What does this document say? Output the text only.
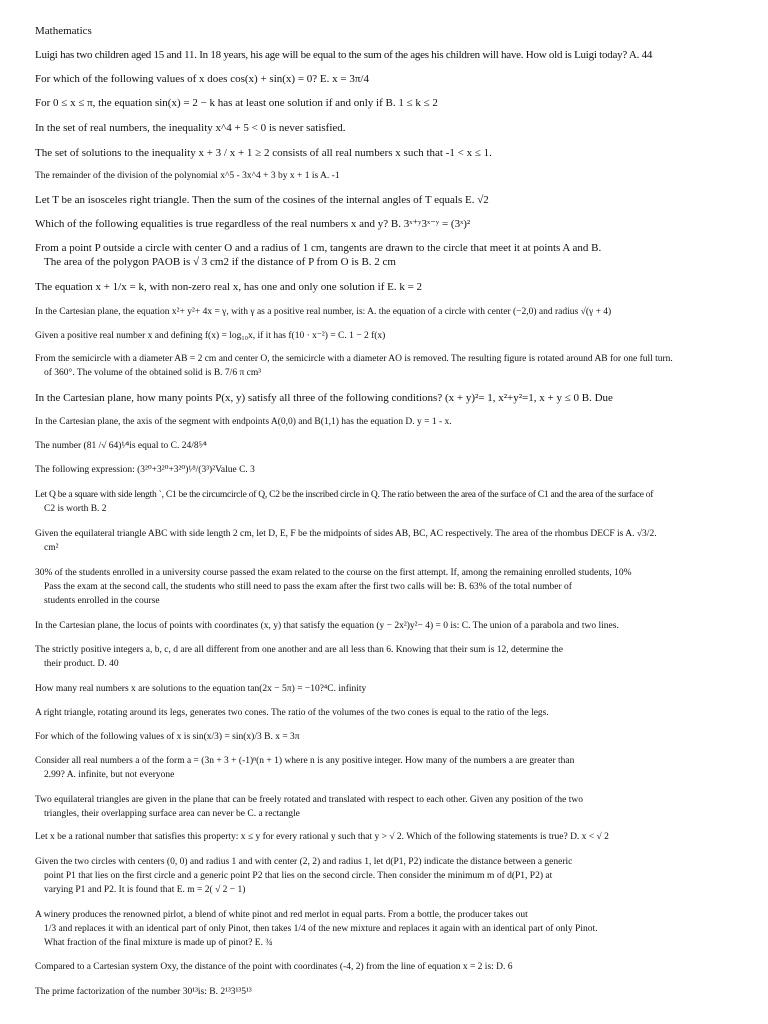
Mathematics
Luigi has two children aged 15 and 11. In 18 years, his age will be equal to the sum of the ages his children will have. How old is Luigi today? A. 44
For which of the following values of x does cos(x) + sin(x) = 0? E. x = 3π/4
For 0 ≤ x ≤ π, the equation sin(x) = 2 − k has at least one solution if and only if B. 1 ≤ k ≤ 2
In the set of real numbers, the inequality x^4 + 5 < 0 is never satisfied.
The set of solutions to the inequality x + 3 / x + 1 ≥ 2 consists of all real numbers x such that -1 < x ≤ 1.
The remainder of the division of the polynomial x^5 - 3x^4 + 3 by x + 1 is A. -1
Let T be an isosceles right triangle. Then the sum of the cosines of the internal angles of T equals E. √2
Which of the following equalities is true regardless of the real numbers x and y? B. 3ˣ⁺ʸ3ˣ⁻ʸ = (3ˣ)²
From a point P outside a circle with center O and a radius of 1 cm, tangents are drawn to the circle that meet it at points A and B.
The area of the polygon PAOB is √ 3 cm2 if the distance of P from O is B. 2 cm
The equation x + 1/x = k, with non-zero real x, has one and only one solution if E. k = 2
In the Cartesian plane, the equation x²+ y²+ 4x = γ, with γ as a positive real number, is: A. the equation of a circle with center (−2,0) and radius √(γ + 4)
Given a positive real number x and defining f(x) = log₁₀x, if it has f(10 · x⁻²) = C. 1 − 2 f(x)
From the semicircle with a diameter AB = 2 cm and center O, the semicircle with a diameter AO is removed. The resulting figure is rotated around AB for one full turn.
of 360°. The volume of the obtained solid is B. 7/6 π cm³
In the Cartesian plane, how many points P(x, y) satisfy all three of the following conditions? (x + y)²= 1, x²+y²=1, x + y ≤ 0 B. Due
In the Cartesian plane, the axis of the segment with endpoints A(0,0) and B(1,1) has the equation D. y = 1 - x.
The number (81 /√ 64)¹⁄⁴is equal to C. 24/8⁵⁄⁴
The following expression: (3²⁰+3²⁰+3²⁰)¹⁄³/(3³)²Value C. 3
Let Q be a square with side length `, C1 be the circumcircle of Q, C2 be the inscribed circle in Q. The ratio between the area of the surface of C1 and the area of the surface of
C2 is worth B. 2
Given the equilateral triangle ABC with side length 2 cm, let D, E, F be the midpoints of sides AB, BC, AC respectively. The area of the rhombus DECF is A. √3/2.
cm²
30% of the students enrolled in a university course passed the exam related to the course on the first attempt. If, among the remaining enrolled students, 10%
Pass the exam at the second call, the students who still need to pass the exam after the first two calls will be: B. 63% of the total number of
students enrolled in the course
In the Cartesian plane, the locus of points with coordinates (x, y) that satisfy the equation (y − 2x²)y²− 4) = 0 is: C. The union of a parabola and two lines.
The strictly positive integers a, b, c, d are all different from one another and are all less than 6. Knowing that their sum is 12, determine the
their product. D. 40
How many real numbers x are solutions to the equation tan(2x − 5π) = −10?⁴C. infinity
A right triangle, rotating around its legs, generates two cones. The ratio of the volumes of the two cones is equal to the ratio of the legs.
For which of the following values of x is sin(x/3) = sin(x)/3 B. x = 3π
Consider all real numbers a of the form a = (3n + 3 + (-1)ⁿ(n + 1) where n is any positive integer. How many of the numbers a are greater than
2.99? A. infinite, but not everyone
Two equilateral triangles are given in the plane that can be freely rotated and translated with respect to each other. Given any position of the two
triangles, their overlapping surface area can never be C. a rectangle
Let x be a rational number that satisfies this property: x ≤ y for every rational y such that y > √ 2. Which of the following statements is true? D. x < √ 2
Given the two circles with centers (0, 0) and radius 1 and with center (2, 2) and radius 1, let d(P1, P2) indicate the distance between a generic
point P1 that lies on the first circle and a generic point P2 that lies on the second circle. Then consider the minimum m of d(P1, P2) at
varying P1 and P2. It is found that E. m = 2( √ 2 − 1)
A winery produces the renowned pirlot, a blend of white pinot and red merlot in equal parts. From a bottle, the producer takes out
1/3 and replaces it with an identical part of only Pinot, then takes 1/4 of the new mixture and replaces it again with an identical part of only Pinot.
What fraction of the final mixture is made up of pinot? E. ¾
Compared to a Cartesian system Oxy, the distance of the point with coordinates (-4, 2) from the line of equation x = 2 is: D. 6
The prime factorization of the number 30¹³is: B. 2¹³3¹³5¹³
